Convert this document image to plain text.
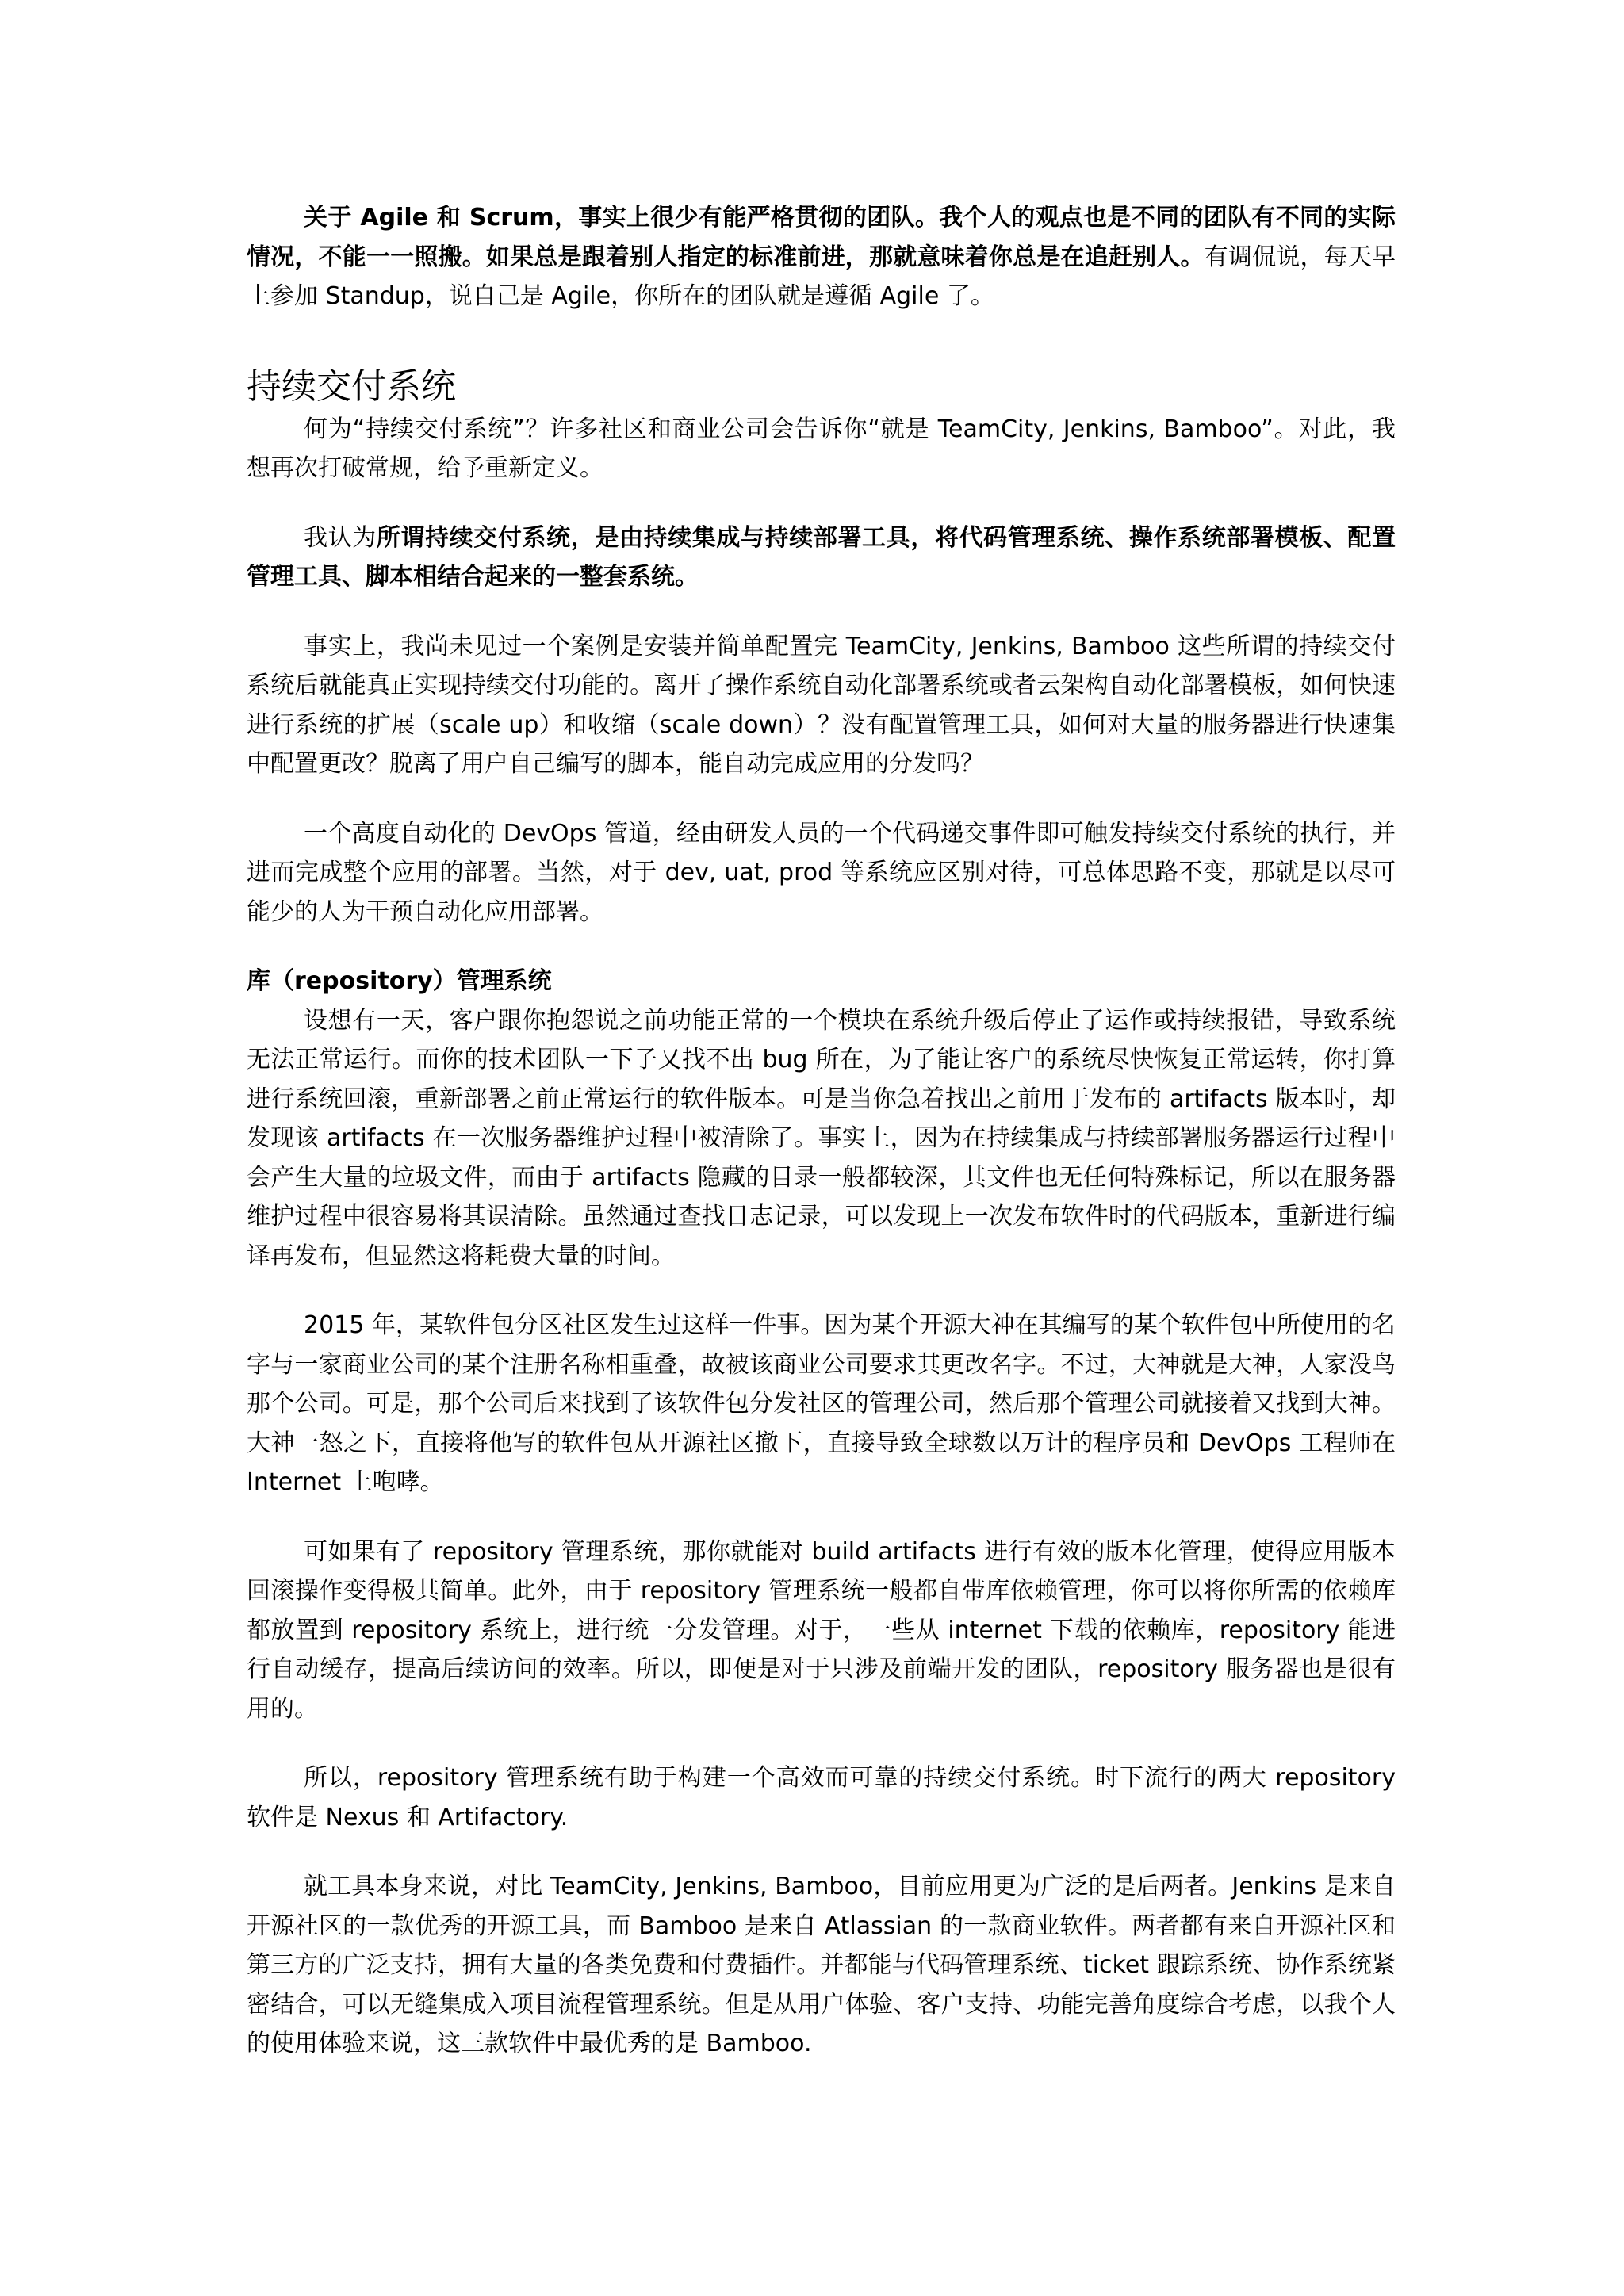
关于 Agile 和 Scrum，事实上很少有能严格贯彻的团队。我个人的观点也是不同的团队有不同的实际情况，不能一一照搬。如果总是跟着别人指定的标准前进，那就意味着你总是在追赶别人。有调侃说，每天早上参加 Standup，说自己是 Agile，你所在的团队就是遵循 Agile 了。

持续交付系统

何为“持续交付系统”？许多社区和商业公司会告诉你“就是 TeamCity, Jenkins, Bamboo”。对此，我想再次打破常规，给予重新定义。

我认为所谓持续交付系统，是由持续集成与持续部署工具，将代码管理系统、操作系统部署模板、配置管理工具、脚本相结合起来的一整套系统。

事实上，我尚未见过一个案例是安装并简单配置完 TeamCity, Jenkins, Bamboo 这些所谓的持续交付系统后就能真正实现持续交付功能的。离开了操作系统自动化部署系统或者云架构自动化部署模板，如何快速进行系统的扩展（scale up）和收缩（scale down）？没有配置管理工具，如何对大量的服务器进行快速集中配置更改？脱离了用户自己编写的脚本，能自动完成应用的分发吗？

一个高度自动化的 DevOps 管道，经由研发人员的一个代码递交事件即可触发持续交付系统的执行，并进而完成整个应用的部署。当然，对于 dev, uat, prod 等系统应区别对待，可总体思路不变，那就是以尽可能少的人为干预自动化应用部署。

库（repository）管理系统

设想有一天，客户跟你抱怨说之前功能正常的一个模块在系统升级后停止了运作或持续报错，导致系统无法正常运行。而你的技术团队一下子又找不出 bug 所在，为了能让客户的系统尽快恢复正常运转，你打算进行系统回滚，重新部署之前正常运行的软件版本。可是当你急着找出之前用于发布的 artifacts 版本时，却发现该 artifacts 在一次服务器维护过程中被清除了。事实上，因为在持续集成与持续部署服务器运行过程中会产生大量的垃圾文件，而由于 artifacts 隐藏的目录一般都较深，其文件也无任何特殊标记，所以在服务器维护过程中很容易将其误清除。虽然通过查找日志记录，可以发现上一次发布软件时的代码版本，重新进行编译再发布，但显然这将耗费大量的时间。

2015 年，某软件包分区社区发生过这样一件事。因为某个开源大神在其编写的某个软件包中所使用的名字与一家商业公司的某个注册名称相重叠，故被该商业公司要求其更改名字。不过，大神就是大神，人家没鸟那个公司。可是，那个公司后来找到了该软件包分发社区的管理公司，然后那个管理公司就接着又找到大神。大神一怒之下，直接将他写的软件包从开源社区撤下，直接导致全球数以万计的程序员和 DevOps 工程师在 Internet 上咆哮。

可如果有了 repository 管理系统，那你就能对 build artifacts 进行有效的版本化管理，使得应用版本回滚操作变得极其简单。此外，由于 repository 管理系统一般都自带库依赖管理，你可以将你所需的依赖库都放置到 repository 系统上，进行统一分发管理。对于，一些从 internet 下载的依赖库，repository 能进行自动缓存，提高后续访问的效率。所以，即便是对于只涉及前端开发的团队，repository 服务器也是很有用的。

所以，repository 管理系统有助于构建一个高效而可靠的持续交付系统。时下流行的两大 repository 软件是 Nexus 和 Artifactory.

就工具本身来说，对比 TeamCity, Jenkins, Bamboo，目前应用更为广泛的是后两者。Jenkins 是来自开源社区的一款优秀的开源工具，而 Bamboo 是来自 Atlassian 的一款商业软件。两者都有来自开源社区和第三方的广泛支持，拥有大量的各类免费和付费插件。并都能与代码管理系统、ticket 跟踪系统、协作系统紧密结合，可以无缝集成入项目流程管理系统。但是从用户体验、客户支持、功能完善角度综合考虑，以我个人的使用体验来说，这三款软件中最优秀的是 Bamboo.
